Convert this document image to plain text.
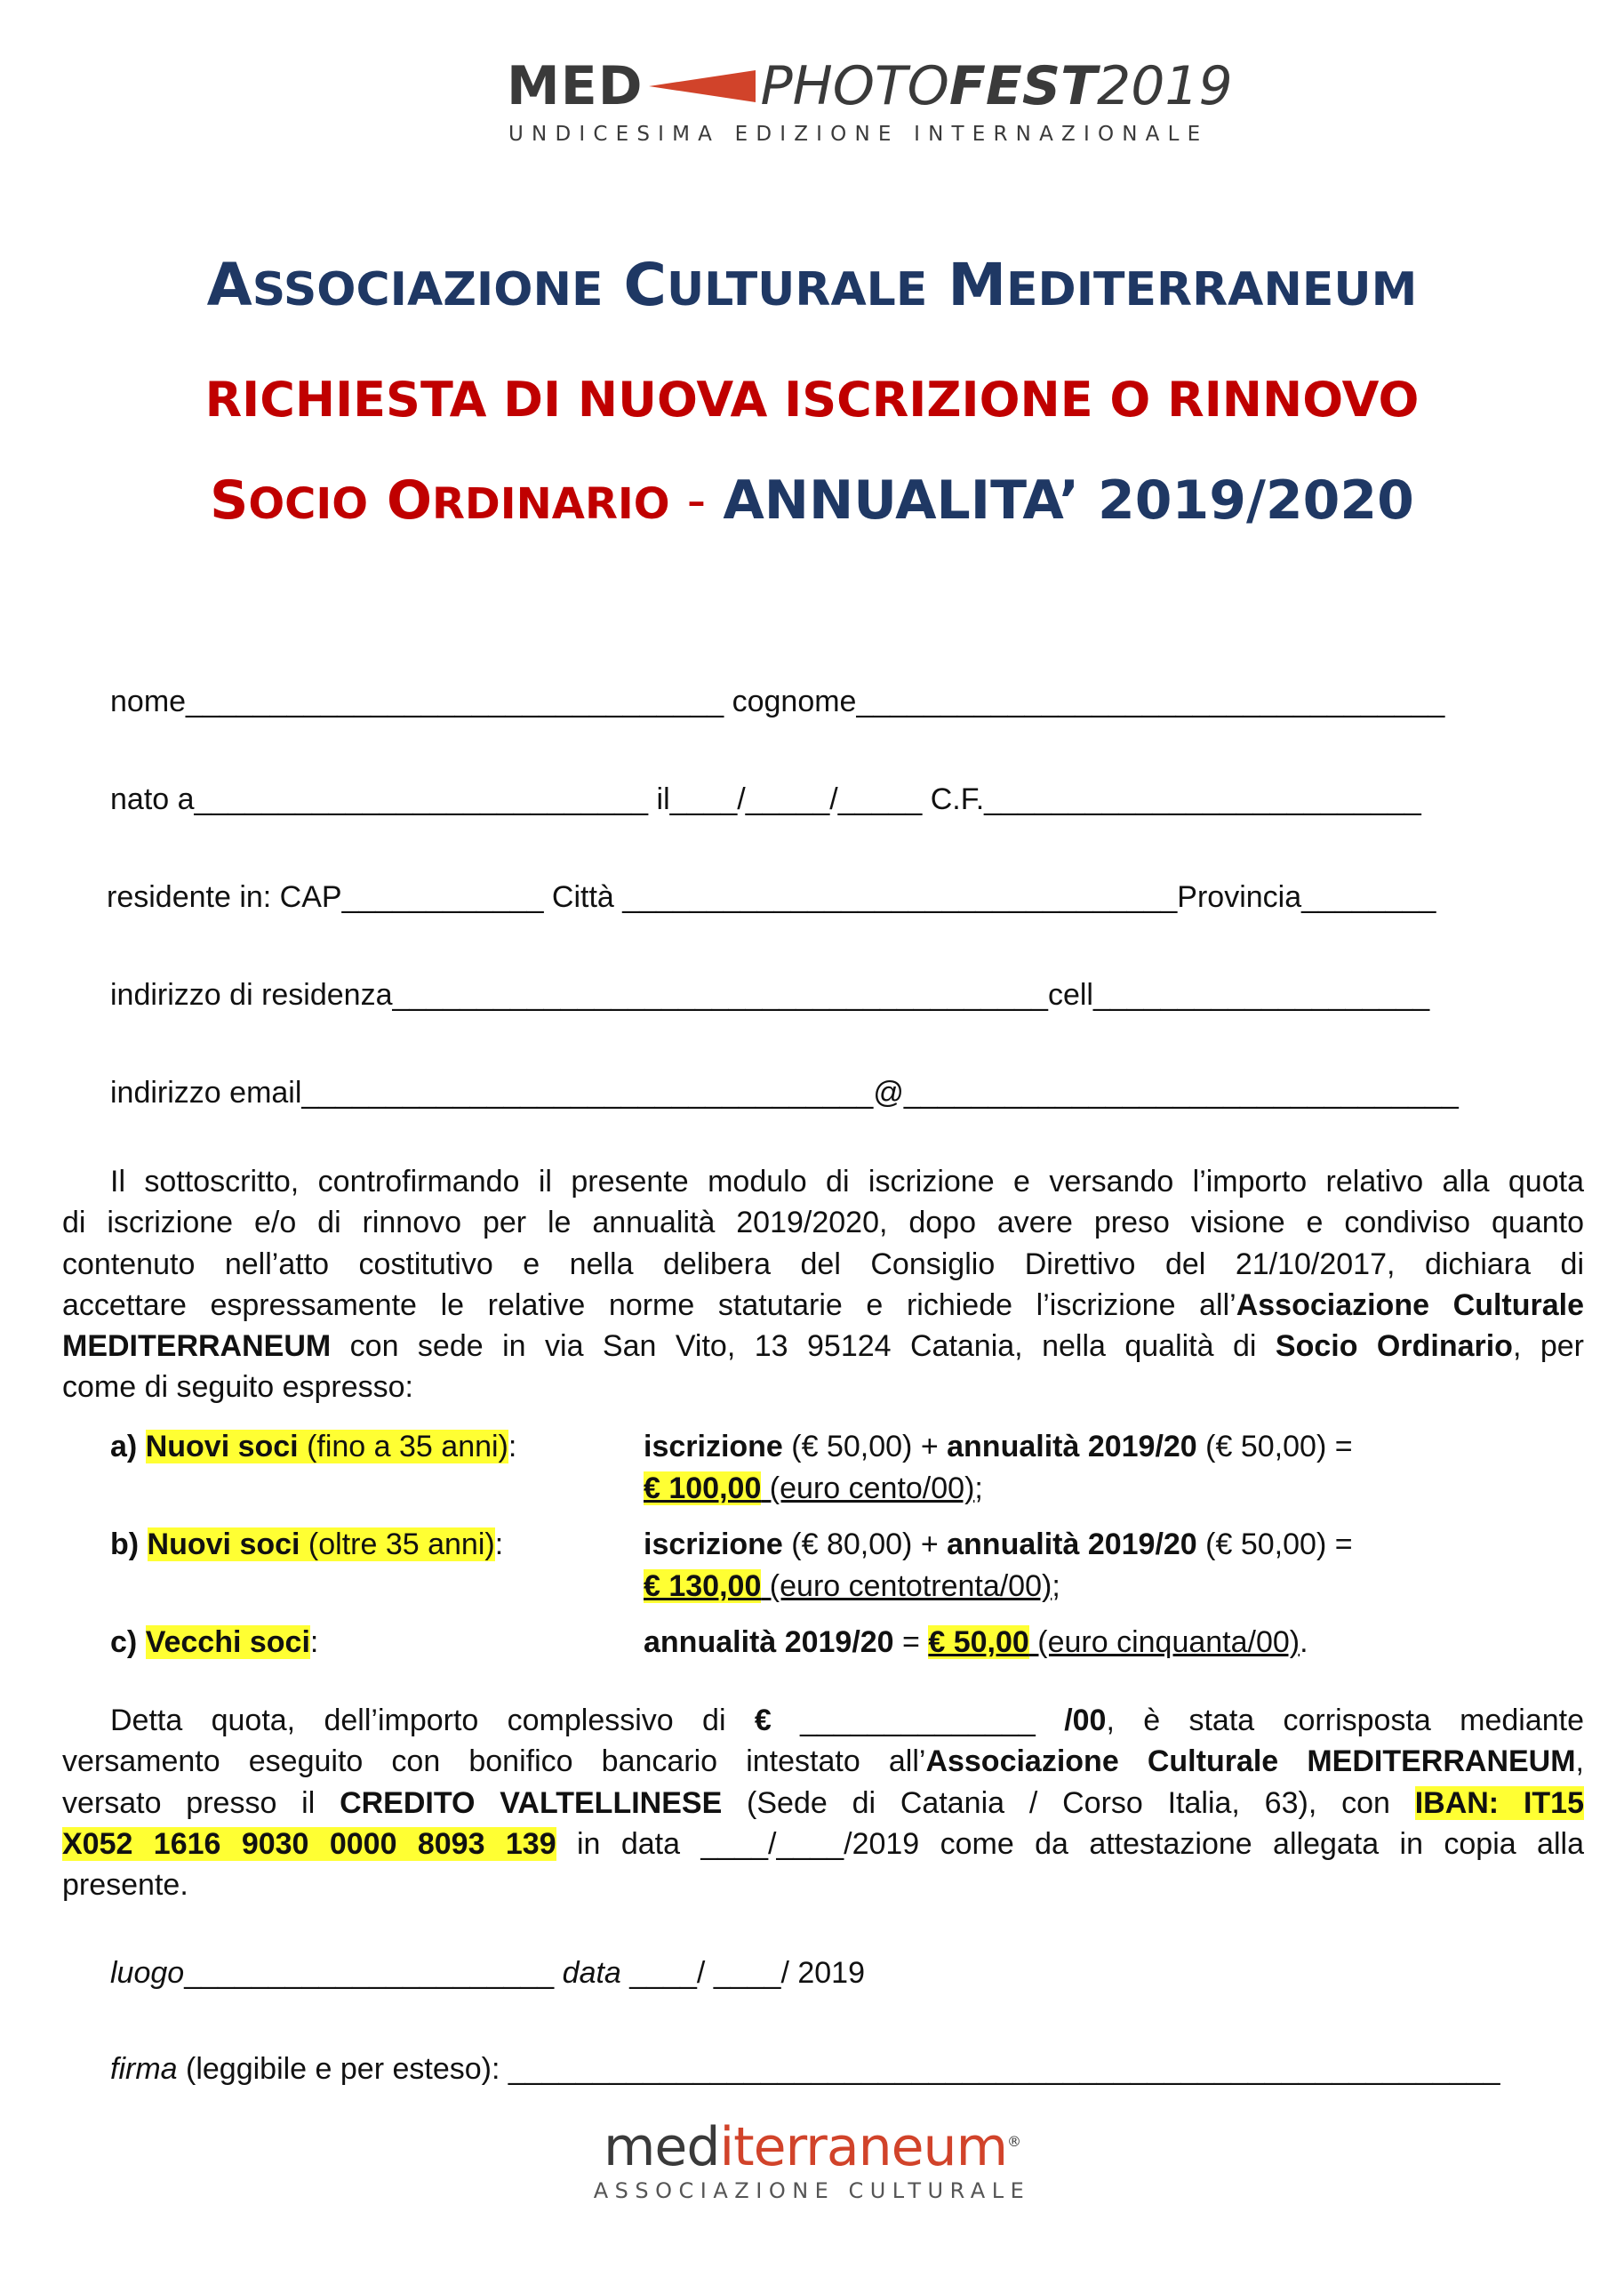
MED PHOTOFEST2019
UNDICESIMA EDIZIONE INTERNAZIONALE
ASSOCIAZIONE CULTURALE MEDITERRANEUM
RICHIESTA DI NUOVA ISCRIZIONE O RINNOVO
SOCIO ORDINARIO - ANNUALITA’ 2019/2020
nome________________________________ cognome___________________________________
nato a___________________________ il____/_____/_____ C.F.__________________________
residente in: CAP____________ Città _________________________________Provincia________
indirizzo di residenza_______________________________________cell____________________
indirizzo email__________________________________@_________________________________
Il sottoscritto, controfirmando il presente modulo di iscrizione e versando l’importo relativo alla quota
di iscrizione e/o di rinnovo per le annualità 2019/2020, dopo avere preso visione e condiviso quanto
contenuto nell’atto costitutivo e nella delibera del Consiglio Direttivo del 21/10/2017, dichiara di
accettare espressamente le relative norme statutarie e richiede l’iscrizione all’Associazione Culturale
MEDITERRANEUM con sede in via San Vito, 13 95124 Catania, nella qualità di Socio Ordinario, per
come di seguito espresso:
a) Nuovi soci (fino a 35 anni):	iscrizione (€ 50,00) + annualità 2019/20 (€ 50,00) =
€ 100,00 (euro cento/00);
b) Nuovi soci (oltre 35 anni):	iscrizione (€ 80,00) + annualità 2019/20 (€ 50,00) =
€ 130,00 (euro centotrenta/00);
c) Vecchi soci:	annualità 2019/20 = € 50,00 (euro cinquanta/00).
Detta quota, dell’importo complessivo di € ______________ /00, è stata corrisposta mediante
versamento eseguito con bonifico bancario intestato all’Associazione Culturale MEDITERRANEUM,
versato presso il CREDITO VALTELLINESE (Sede di Catania / Corso Italia, 63), con IBAN: IT15
X052 1616 9030 0000 8093 139 in data ____/____/2019 come da attestazione allegata in copia alla
presente.
luogo______________________ data ____/ ____/ 2019
firma (leggibile e per esteso): ___________________________________________________________
mediterraneum®
ASSOCIAZIONE CULTURALE
